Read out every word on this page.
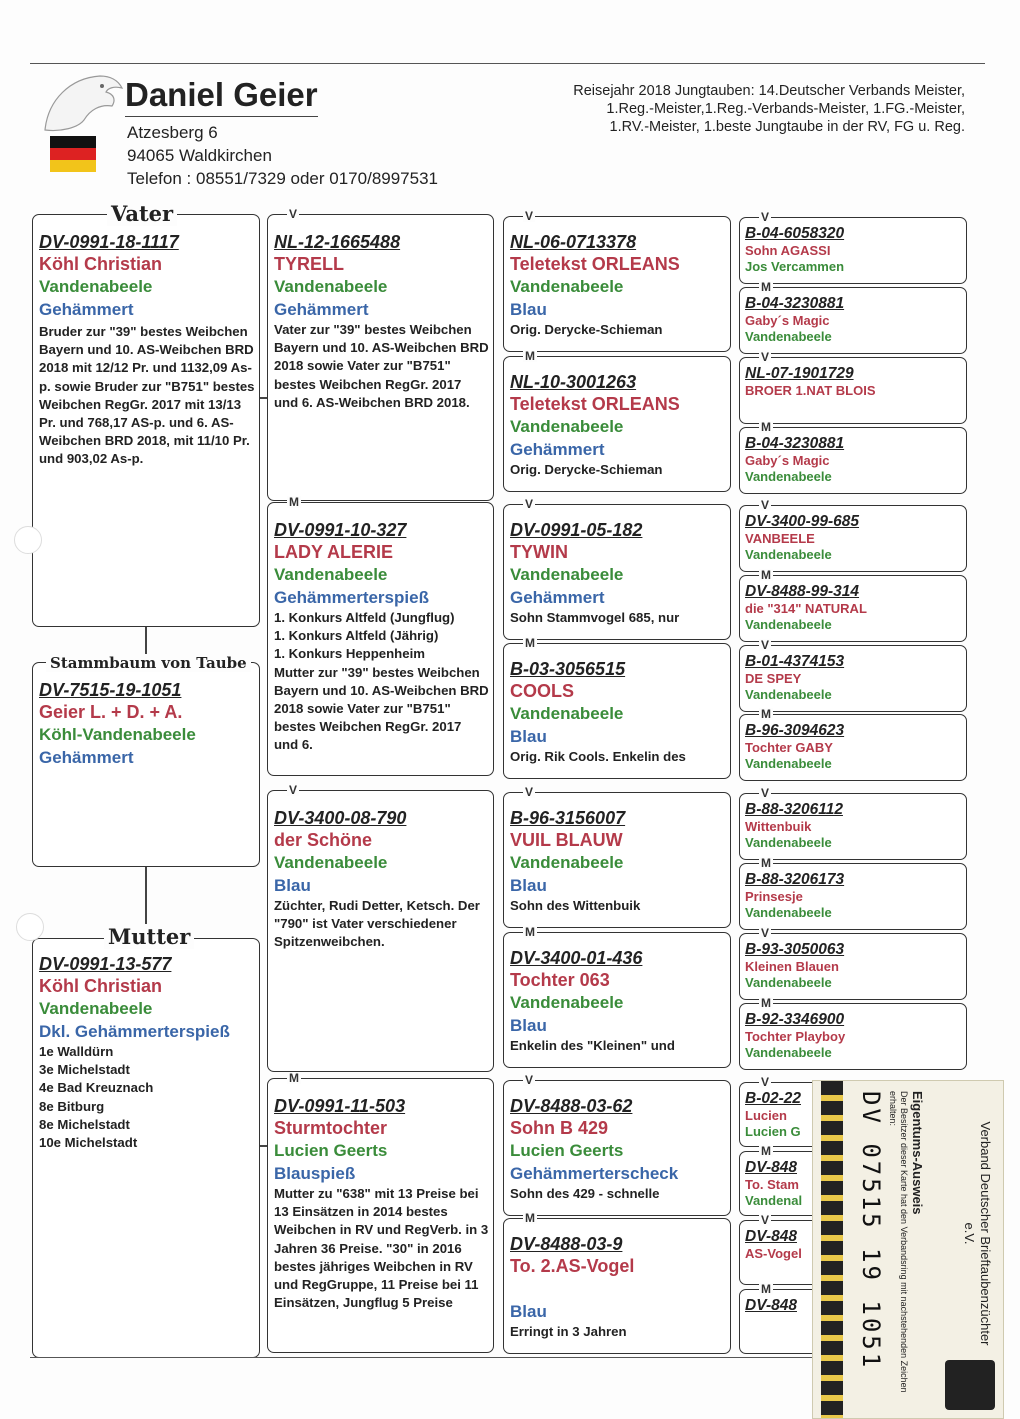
Daniel Geier
Atzesberg 6
94065 Waldkirchen
Telefon : 08551/7329 oder 0170/8997531
Reisejahr 2018 Jungtauben: 14.Deutscher Verbands Meister, 1.Reg.-Meister,1.Reg.-Verbands-Meister, 1.FG.-Meister, 1.RV.-Meister, 1.beste Jungtaube in der RV, FG u. Reg.
DV-0991-18-1117
Köhl Christian
Vandenabeele
Gehämmert
Bruder zur "39" bestes Weibchen Bayern und 10. AS-Weibchen BRD 2018 mit 12/12 Pr. und 1132,09 As-p. sowie Bruder zur "B751" bestes Weibchen RegGr. 2017 mit 13/13 Pr. und 768,17 AS-p. und 6. AS-Weibchen BRD 2018, mit 11/10 Pr. und 903,02 As-p.
Vater
DV-7515-19-1051
Geier L. + D. + A.
Köhl-Vandenabeele
Gehämmert
Stammbaum von Taube
DV-0991-13-577
Köhl Christian
Vandenabeele
Dkl. Gehämmerterspieß
1e Walldürn
3e Michelstadt
4e Bad Kreuznach
8e Bitburg
8e Michelstadt
10e Michelstadt
Mutter
NL-12-1665488
TYRELL
Vandenabeele
Gehämmert
Vater zur "39" bestes Weibchen Bayern und 10. AS-Weibchen BRD 2018 sowie Vater zur "B751" bestes Weibchen RegGr. 2017 und 6. AS-Weibchen BRD 2018.
V
DV-0991-10-327
LADY ALERIE
Vandenabeele
Gehämmerterspieß
1. Konkurs Altfeld (Jungflug)
1. Konkurs Altfeld (Jährig)
1. Konkurs Heppenheim
Mutter zur "39" bestes Weibchen Bayern und 10. AS-Weibchen BRD 2018 sowie Vater zur "B751" bestes Weibchen RegGr. 2017 und 6.
M
DV-3400-08-790
der Schöne
Vandenabeele
Blau
Züchter, Rudi Detter, Ketsch. Der "790" ist Vater verschiedener Spitzenweibchen.
V
DV-0991-11-503
Sturmtochter
Lucien Geerts
Blauspieß
Mutter zu "638" mit 13 Preise bei 13 Einsätzen in 2014 bestes Weibchen in RV und RegVerb. in 3 Jahren 36 Preise. "30" in 2016 bestes jähriges Weibchen in RV und RegGruppe, 11 Preise bei 11 Einsätzen, Jungflug 5 Preise
M
NL-06-0713378
Teletekst ORLEANS
Vandenabeele
Blau
Orig. Derycke-Schieman
V
NL-10-3001263
Teletekst ORLEANS
Vandenabeele
Gehämmert
Orig. Derycke-Schieman
M
DV-0991-05-182
TYWIN
Vandenabeele
Gehämmert
Sohn Stammvogel 685, nur
V
B-03-3056515
COOLS
Vandenabeele
Blau
Orig. Rik Cools. Enkelin des
M
B-96-3156007
VUIL BLAUW
Vandenabeele
Blau
Sohn des Wittenbuik
V
DV-3400-01-436
Tochter 063
Vandenabeele
Blau
Enkelin des "Kleinen" und
M
DV-8488-03-62
Sohn B 429
Lucien Geerts
Gehämmerterscheck
Sohn des 429 - schnelle
V
DV-8488-03-9
To. 2.AS-Vogel
Blau
Erringt in 3 Jahren
M
B-04-6058320
Sohn AGASSI
Jos Vercammen
V
B-04-3230881
Gaby´s Magic
Vandenabeele
M
NL-07-1901729
BROER 1.NAT BLOIS
V
B-04-3230881
Gaby´s Magic
Vandenabeele
M
DV-3400-99-685
VANBEELE
Vandenabeele
V
DV-8488-99-314
die "314" NATURAL
Vandenabeele
M
B-01-4374153
DE SPEY
Vandenabeele
V
B-96-3094623
Tochter GABY
Vandenabeele
M
B-88-3206112
Wittenbuik
Vandenabeele
V
B-88-3206173
Prinsesje
Vandenabeele
M
B-93-3050063
Kleinen Blauen
Vandenabeele
V
B-92-3346900
Tochter Playboy
Vandenabeele
M
B-02-22
Lucien
Lucien G
V
DV-848
To. Stam
Vandenal
M
DV-848
AS-Vogel
V
DV-848
M	Verband Deutscher Brieftaubenzüchter e.V.
Eigentums-Ausweis
Der Besitzer dieser Karte hat den Verbandsring mit nachstehenden Zeichen erhalten:
DV 07515 19 1051
